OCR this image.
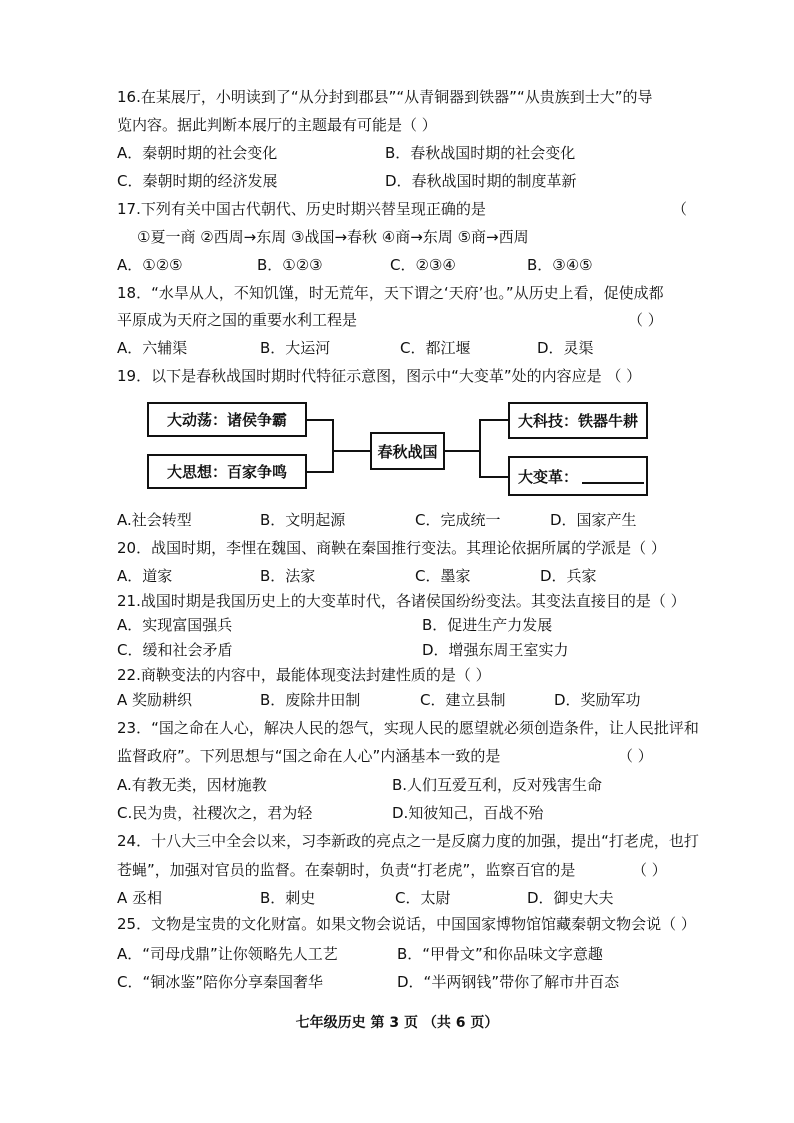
16.在某展厅，小明读到了“从分封到郡县”“从青铜器到铁器”“从贵族到士大”的导
览内容。据此判断本展厅的主题最有可能是（ ）
A．秦朝时期的社会变化	B．春秋战国时期的社会变化
C．秦朝时期的经济发展	D．春秋战国时期的制度革新
17.下列有关中国古代朝代、历史时期兴替呈现正确的是	（
①夏一商 ②西周→东周 ③战国→春秋 ④商→东周 ⑤商→西周
A．①②⑤	B．①②③	C．②③④	B．③④⑤
18．“水旱从人，不知饥馑，时无荒年，天下谓之‘天府’也。”从历史上看，促使成都
平原成为天府之国的重要水利工程是	（ ）
A．六辅渠	B．大运河	C．都江堰	D．灵渠
19．以下是春秋战国时期时代特征示意图，图示中“大变革”处的内容应是 （ ）
大动荡：诸侯争霸
大思想：百家争鸣
春秋战国
大科技：铁器牛耕
大变革：
A.社会转型	B．文明起源	C．完成统一	D．国家产生
20．战国时期，李悝在魏国、商鞅在秦国推行变法。其理论依据所属的学派是（ ）
A．道家	B．法家	C．墨家	D．兵家
21.战国时期是我国历史上的大变革时代，各诸侯国纷纷变法。其变法直接目的是（ ）
A．实现富国强兵	B．促进生产力发展
C．缓和社会矛盾	D．增强东周王室实力
22.商鞅变法的内容中，最能体现变法封建性质的是（ ）
A 奖励耕织	B．废除井田制	C．建立县制	D．奖励军功
23．“国之命在人心，解决人民的怨气，实现人民的愿望就必须创造条件，让人民批评和
监督政府”。下列思想与“国之命在人心”内涵基本一致的是	（ ）
A.有教无类，因材施教	B.人们互爱互利，反对残害生命
C.民为贵，社稷次之，君为轻	D.知彼知己，百战不殆
24．十八大三中全会以来，习李新政的亮点之一是反腐力度的加强，提出“打老虎，也打
苍蝇”，加强对官员的监督。在秦朝时，负责“打老虎”，监察百官的是	（ ）
A 丞相	B．刺史	C．太尉	D．御史大夫
25．文物是宝贵的文化财富。如果文物会说话，中国国家博物馆馆藏秦朝文物会说（ ）
A．“司母戊鼎”让你领略先人工艺	B．“甲骨文”和你品味文字意趣
C．“铜冰鉴”陪你分享秦国奢华	D．“半两钢钱”带你了解市井百态
七年级历史 第 3 页 （共 6 页）
